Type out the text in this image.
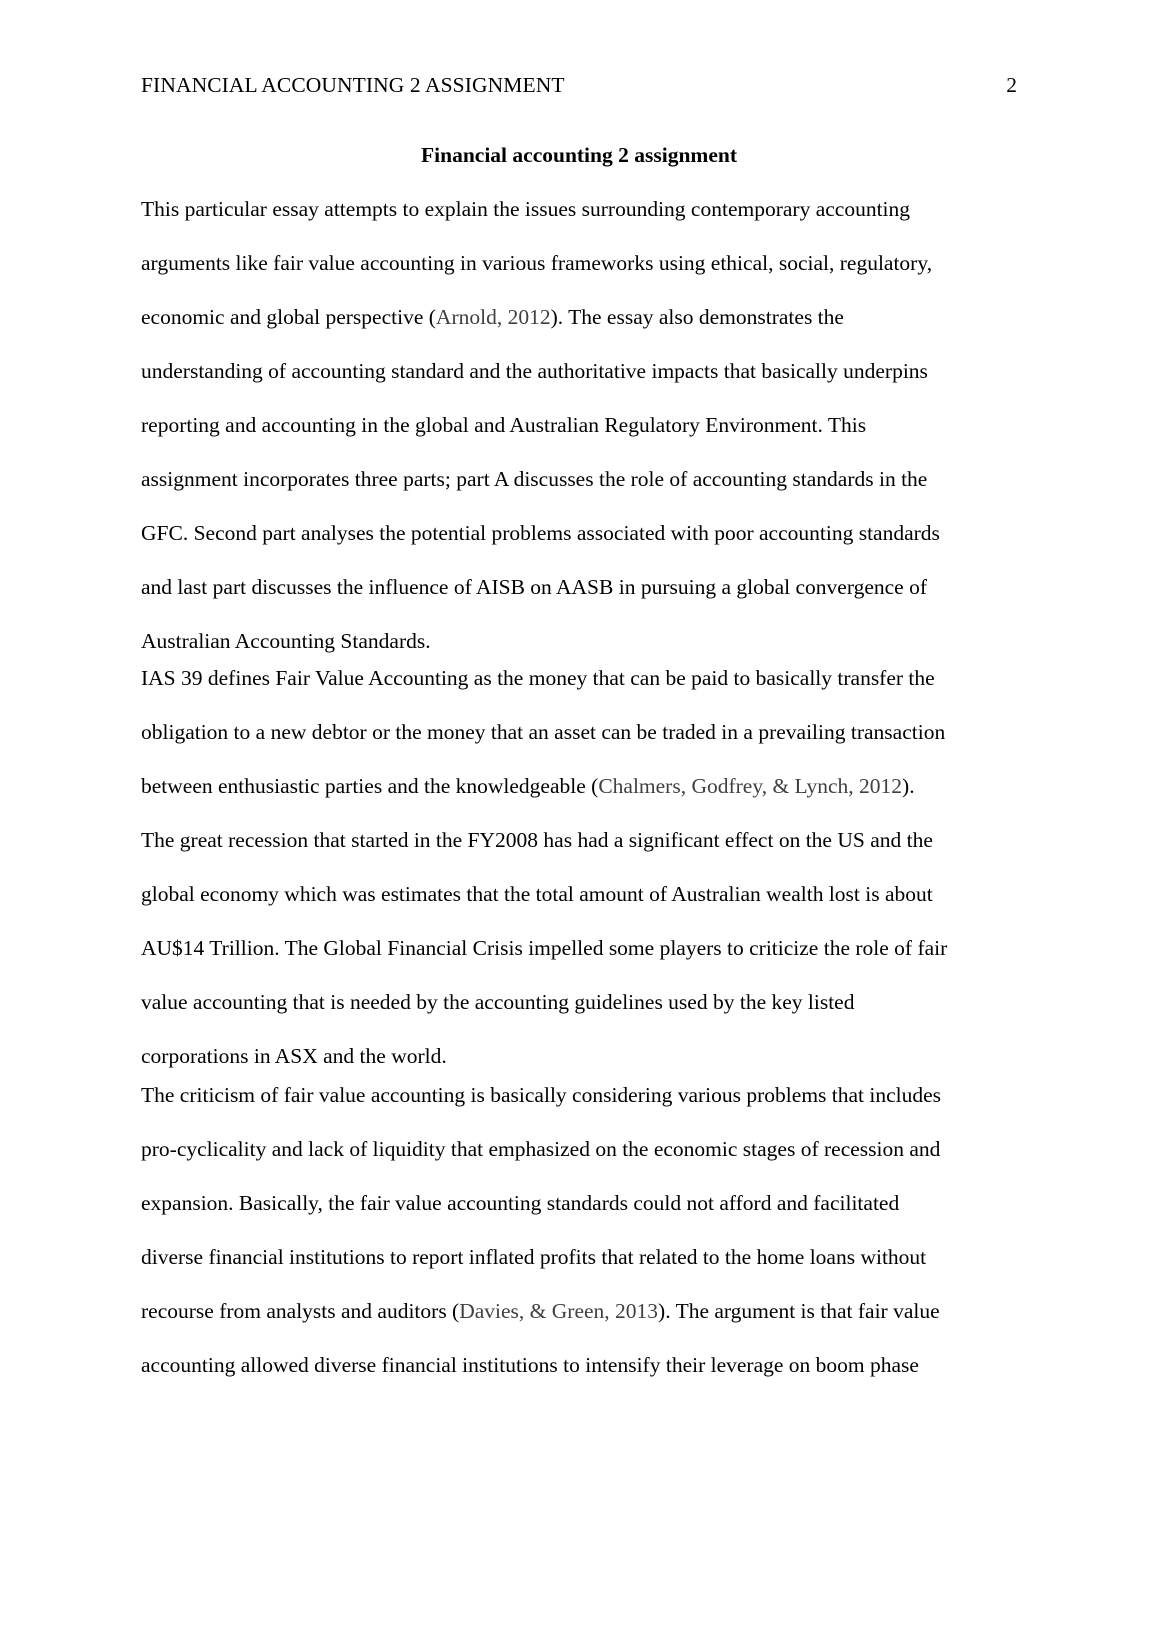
FINANCIAL ACCOUNTING 2 ASSIGNMENT	2
Financial accounting 2 assignment

This particular essay attempts to explain the issues surrounding contemporary accounting
arguments like fair value accounting in various frameworks using ethical, social, regulatory,
economic and global perspective (Arnold, 2012). The essay also demonstrates the
understanding of accounting standard and the authoritative impacts that basically underpins
reporting and accounting in the global and Australian Regulatory Environment. This
assignment incorporates three parts; part A discusses the role of accounting standards in the
GFC. Second part analyses the potential problems associated with poor accounting standards
and last part discusses the influence of AISB on AASB in pursuing a global convergence of
Australian Accounting Standards.

IAS 39 defines Fair Value Accounting as the money that can be paid to basically transfer the
obligation to a new debtor or the money that an asset can be traded in a prevailing transaction
between enthusiastic parties and the knowledgeable (Chalmers, Godfrey, & Lynch, 2012).
The great recession that started in the FY2008 has had a significant effect on the US and the
global economy which was estimates that the total amount of Australian wealth lost is about
AU$14 Trillion. The Global Financial Crisis impelled some players to criticize the role of fair
value accounting that is needed by the accounting guidelines used by the key listed
corporations in ASX and the world.

The criticism of fair value accounting is basically considering various problems that includes
pro-cyclicality and lack of liquidity that emphasized on the economic stages of recession and
expansion. Basically, the fair value accounting standards could not afford and facilitated
diverse financial institutions to report inflated profits that related to the home loans without
recourse from analysts and auditors (Davies, & Green, 2013). The argument is that fair value
accounting allowed diverse financial institutions to intensify their leverage on boom phase
